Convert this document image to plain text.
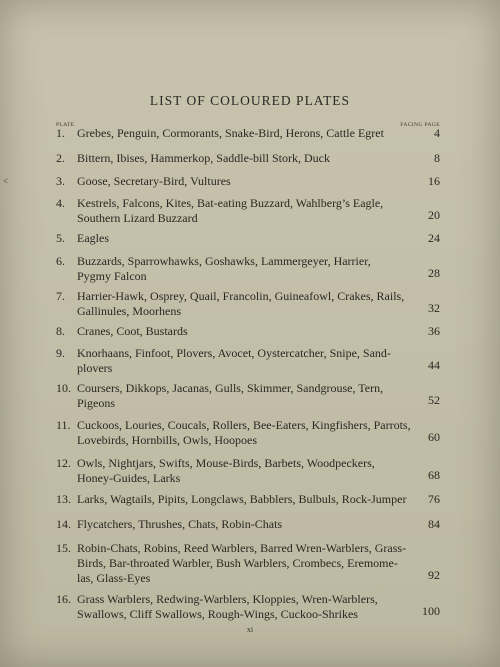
˂
LIST OF COLOURED PLATES
PLATE	FACING PAGE
1.	Grebes, Penguin, Cormorants, Snake-Bird, Herons, Cattle Egret	4
2.	Bittern, Ibises, Hammerkop, Saddle-bill Stork, Duck	8
3.	Goose, Secretary-Bird, Vultures	16
4.	Kestrels, Falcons, Kites, Bat-eating Buzzard, Wahlberg’s Eagle,
Southern Lizard Buzzard	20
5.	Eagles	24
6.	Buzzards, Sparrowhawks, Goshawks, Lammergeyer, Harrier,
Pygmy Falcon	28
7.	Harrier-Hawk, Osprey, Quail, Francolin, Guineafowl, Crakes, Rails,
Gallinules, Moorhens	32
8.	Cranes, Coot, Bustards	36
9.	Knorhaans, Finfoot, Plovers, Avocet, Oystercatcher, Snipe, Sand-
plovers	44
10. Coursers, Dikkops, Jacanas, Gulls, Skimmer, Sandgrouse, Tern,
Pigeons	52
11. Cuckoos, Louries, Coucals, Rollers, Bee-Eaters, Kingfishers, Parrots,
Lovebirds, Hornbills, Owls, Hoopoes	60
12. Owls, Nightjars, Swifts, Mouse-Birds, Barbets, Woodpeckers,
Honey-Guides, Larks	68
13. Larks, Wagtails, Pipits, Longclaws, Babblers, Bulbuls, Rock-Jumper	76
14. Flycatchers, Thrushes, Chats, Robin-Chats	84
15. Robin-Chats, Robins, Reed Warblers, Barred Wren-Warblers, Grass-
Birds, Bar-throated Warbler, Bush Warblers, Crombecs, Eremome-
las, Glass-Eyes	92
16. Grass Warblers, Redwing-Warblers, Kloppies, Wren-Warblers,
Swallows, Cliff Swallows, Rough-Wings, Cuckoo-Shrikes	100
xi
